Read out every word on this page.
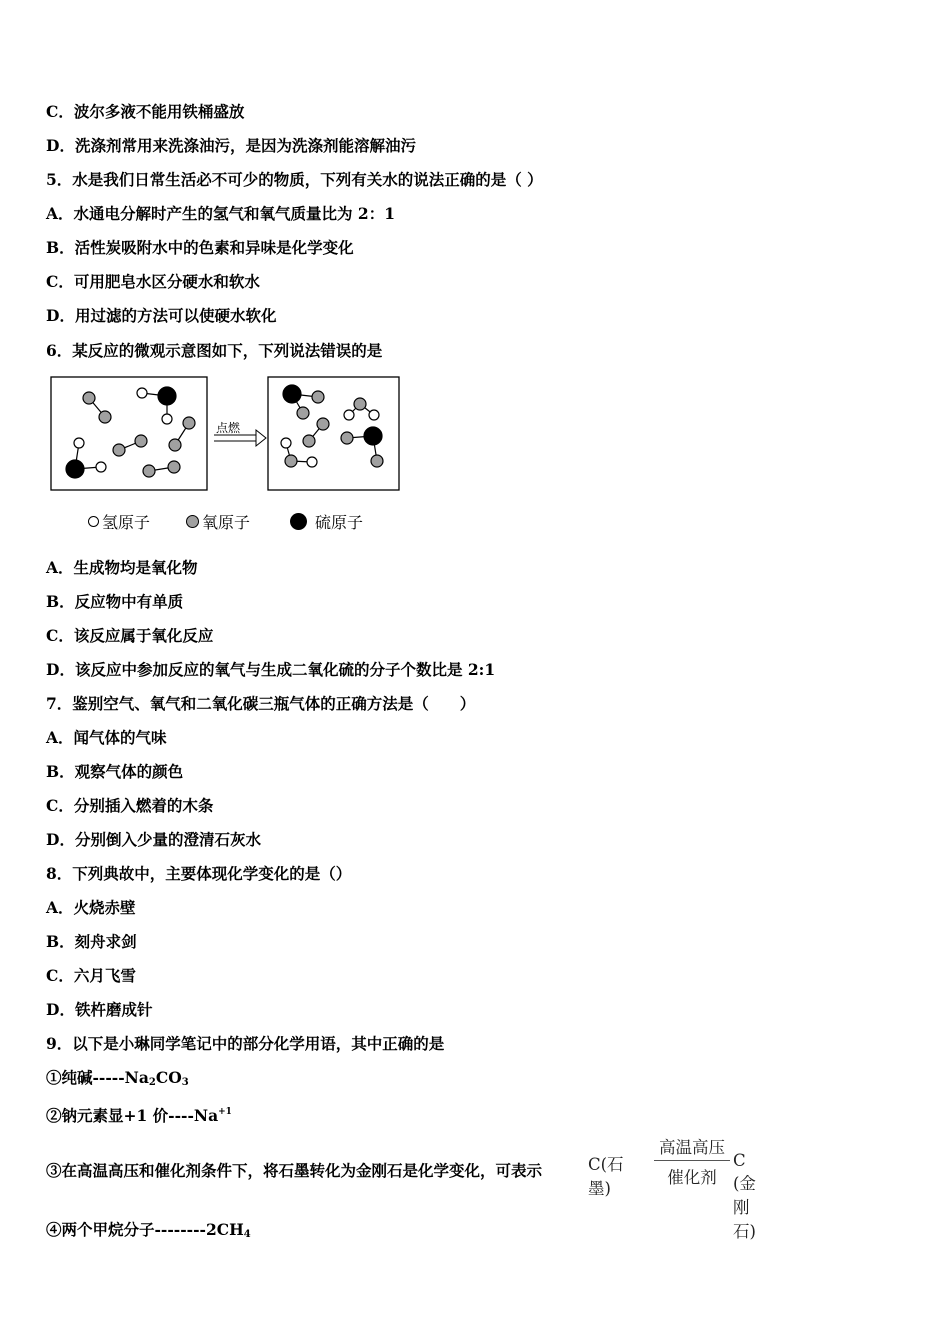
C．波尔多液不能用铁桶盛放
D．洗涤剂常用来洗涤油污，是因为洗涤剂能溶解油污
5．水是我们日常生活必不可少的物质，下列有关水的说法正确的是（ ）
A．水通电分解时产生的氢气和氧气质量比为 2：1
B．活性炭吸附水中的色素和异味是化学变化
C．可用肥皂水区分硬水和软水
D．用过滤的方法可以使硬水软化
6．某反应的微观示意图如下，下列说法错误的是
点燃
氢原子	氧原子	硫原子
A．生成物均是氧化物
B．反应物中有单质
C．该反应属于氧化反应
D．该反应中参加反应的氧气与生成二氧化硫的分子个数比是 2:1
7．鉴别空气、氧气和二氧化碳三瓶气体的正确方法是（　　）
A．闻气体的气味
B．观察气体的颜色
C．分别插入燃着的木条
D．分别倒入少量的澄清石灰水
8．下列典故中，主要体现化学变化的是（）
A．火烧赤壁
B．刻舟求剑
C．六月飞雪
D．铁杵磨成针
9．以下是小琳同学笔记中的部分化学用语，其中正确的是
①纯碱$-----Na_2CO_3$
②钠元素显+1 价$----Na^{+1}$
③在高温高压和催化剂条件下，将石墨转化为金刚石是化学变化，可表示	C(石墨)
高温高压
催化剂
C (金刚石)
④两个甲烷分子$--------2CH_4$
